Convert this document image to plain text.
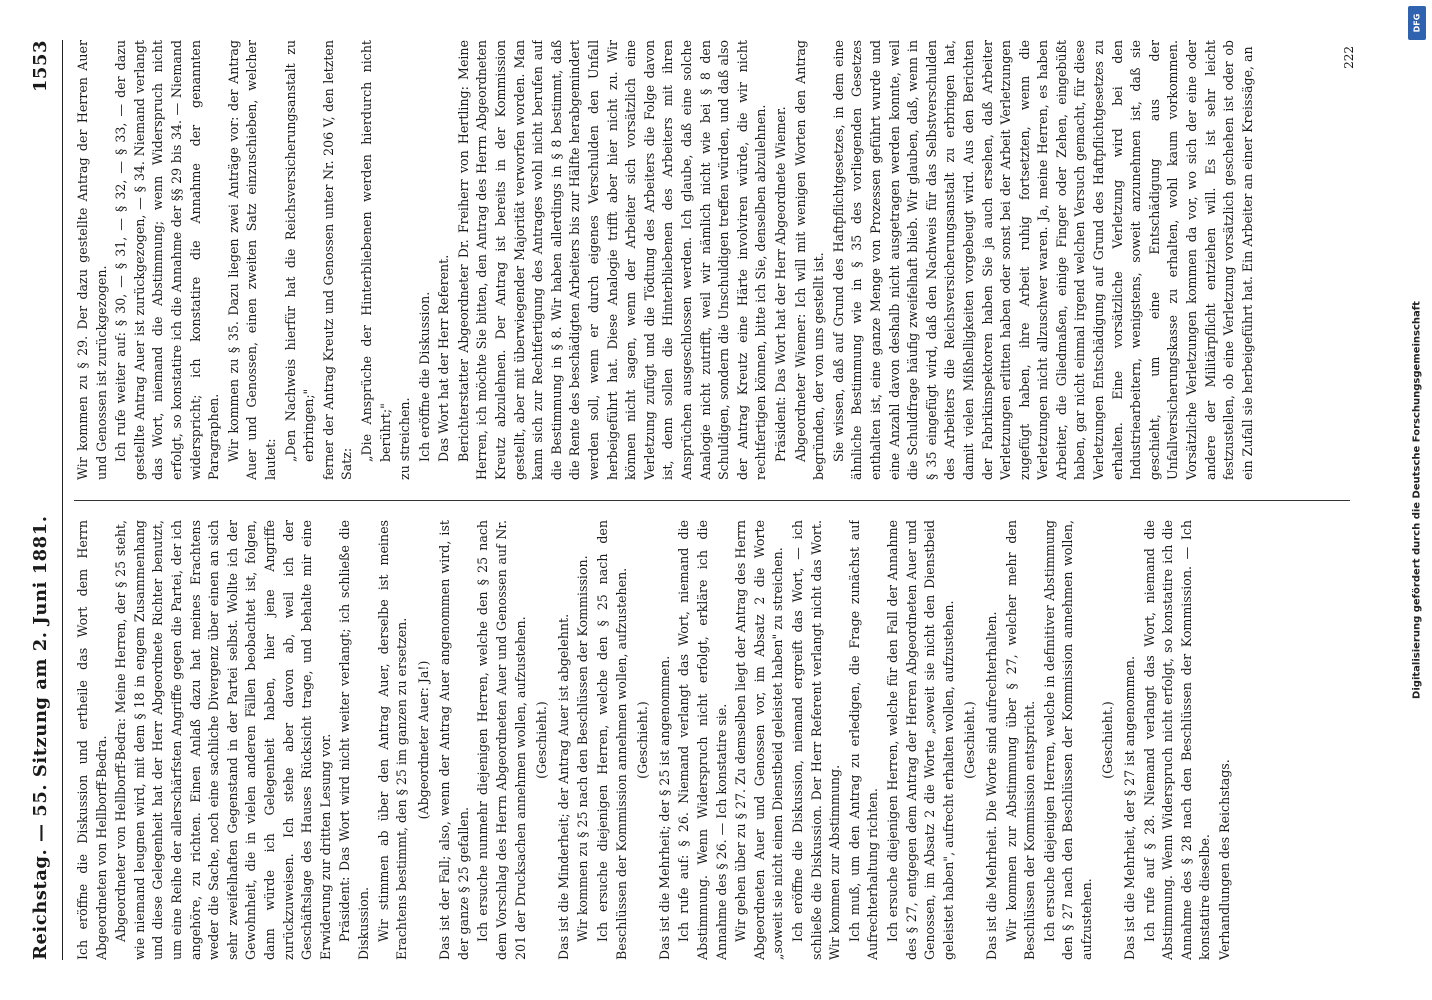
Reichstag. — 55. Sitzung am 2. Juni 1881.
1553

Ich eröffne die Diskussion und ertheile das Wort dem Herrn Abgeordneten von Hellborff-Bedra. Abgeordneter von Hellborff-Bedra: Meine Herren, der § 25 steht, wie niemand leugnen wird, mit dem § 18 in engem Zusammenhang und diese Gelegenheit hat der Herr Abgeordnete Richter benutzt, um eine Reihe der allerschärfsten Angriffe gegen die Partei, der ich angehöre, zu richten. Einen Anlaß dazu hat meines Erachtens weder die Sache, noch eine sachliche Divergenz über einen an sich sehr zweifelhaften Gegenstand in der Partei selbst. Wollte ich der Gewohnheit, die in vielen anderen Fällen beobachtet ist, folgen, dann würde ich Gelegenheit haben, hier jene Angriffe zurückzuweisen. Ich stehe aber davon ab, weil ich der Geschäftslage des Hauses Rücksicht trage, und behalte mir eine Erwiderung zur dritten Lesung vor. Präsident: Das Wort wird nicht weiter verlangt; ich schließe die Diskussion. Wir stimmen ab über den Antrag Auer, derselbe ist meines Erachtens bestimmt, den § 25 im ganzen zu ersetzen. (Abgeordneter Auer: Ja!) Das ist der Fall; also, wenn der Antrag Auer angenommen wird, ist der ganze § 25 gefallen. Ich ersuche nunmehr diejenigen Herren, welche den § 25 nach dem Vorschlag des Herrn Abgeordneten Auer und Genossen auf Nr. 201 der Drucksachen annehmen wollen, aufzustehen. (Geschieht.) Das ist die Minderheit; der Antrag Auer ist abgelehnt. Wir kommen zu § 25 nach den Beschlüssen der Kommission. Ich ersuche diejenigen Herren, welche den § 25 nach den Beschlüssen der Kommission annehmen wollen, aufzustehen. (Geschieht.) Das ist die Mehrheit; der § 25 ist angenommen. Ich rufe auf: § 26. Niemand verlangt das Wort, niemand die Abstimmung. Wenn Widerspruch nicht erfolgt, erkläre ich die Annahme des § 26. — Ich konstatire sie. Wir gehen über zu § 27. Zu demselben liegt der Antrag des Herrn Abgeordneten Auer und Genossen vor, im Absatz 2 die Worte „soweit sie nicht einen Dienstbeid geleistet haben" zu streichen. Ich eröffne die Diskussion, niemand ergreift das Wort, — ich schließe die Diskussion. Der Herr Referent verlangt nicht das Wort. Wir kommen zur Abstimmung. Ich muß, um den Antrag zu erledigen, die Frage zunächst auf Aufrechterhaltung richten. Ich ersuche diejenigen Herren, welche für den Fall der Annahme des § 27, entgegen dem Antrag der Herren Abgeordneten Auer und Genossen, im Absatz 2 die Worte „soweit sie nicht den Dienstbeid geleistet haben", aufrecht erhalten wollen, aufzustehen. (Geschieht.) Das ist die Mehrheit. Die Worte sind aufrechterhalten. Wir kommen zur Abstimmung über § 27, welcher mehr den Beschlüssen der Kommission entspricht. Ich ersuche diejenigen Herren, welche in definitiver Abstimmung den § 27 nach den Beschlüssen der Kommission annehmen wollen, aufzustehen.

(Geschieht.) Das ist die Mehrheit, der § 27 ist angenommen. Ich rufe auf § 28. Niemand verlangt das Wort, niemand die Abstimmung. Wenn Widerspruch nicht erfolgt, so konstatire ich die Annahme des § 28 nach den Beschlüssen der Kommission. — Ich konstatire dieselbe. Verhandlungen des Reichstags.

Wir kommen zu § 29. Der dazu gestellte Antrag der Herren Auer und Genossen ist zurückgezogen. Ich rufe weiter auf: § 30, — § 31, — § 32, — § 33, — der dazu gestellte Antrag Auer ist zurückgezogen, — § 34. Niemand verlangt das Wort, niemand die Abstimmung; wenn Widerspruch nicht erfolgt, so konstatire ich die Annahme der §§ 29 bis 34. — Niemand widerspricht; ich konstatire die Annahme der genannten Paragraphen. Wir kommen zu § 35. Dazu liegen zwei Anträge vor: der Antrag Auer und Genossen, einen zweiten Satz einzuschieben, welcher lautet: „Den Nachweis hierfür hat die Reichsversicherungsanstalt zu erbringen;" ferner der Antrag Kreutz und Genossen unter Nr. 206 V, den letzten Satz:

„Die Ansprüche der Hinterbliebenen werden hierdurch nicht berührt;" zu streichen. Ich eröffne die Diskussion. Das Wort hat der Herr Referent. Berichterstatter Abgeordneter Dr. Freiherr von Hertling: Meine Herren, ich möchte Sie bitten, den Antrag des Herrn Abgeordneten Kreutz abzulehnen. Der Antrag ist bereits in der Kommission gestellt, aber mit überwiegender Majorität verworfen worden. Man kann sich zur Rechtfertigung des Antrages wohl nicht berufen auf die Bestimmung in § 8. Wir haben allerdings in § 8 bestimmt, daß die Rente des beschädigten Arbeiters bis zur Hälfte herabgemindert werden soll, wenn er durch eigenes Verschulden den Unfall herbeigeführt hat. Diese Analogie trifft aber hier nicht zu. Wir können nicht sagen, wenn der Arbeiter sich vorsätzlich eine Verletzung zufügt und die Tödtung des Arbeiters die Folge davon ist, denn sollen die Hinterbliebenen des Arbeiters mit ihren Ansprüchen ausgeschlossen werden. Ich glaube, daß eine solche Analogie nicht zutrifft, weil wir nämlich nicht wie bei § 8 den Schuldigen, sondern die Unschuldigen treffen würden, und daß also der Antrag Kreutz eine Härte involviren würde, die wir nicht rechtfertigen können, bitte ich Sie, denselben abzulehnen. Präsident: Das Wort hat der Herr Abgeordnete Wiemer. Abgeordneter Wiemer: Ich will mit wenigen Worten den Antrag begründen, der von uns gestellt ist. Sie wissen, daß auf Grund des Haftpflichtgesetzes, in dem eine ähnliche Bestimmung wie in § 35 des vorliegenden Gesetzes enthalten ist, eine ganze Menge von Prozessen geführt wurde und eine Anzahl davon deshalb nicht ausgetragen werden konnte, weil die Schuldfrage häufig zweifelhaft blieb. Wir glauben, daß, wenn in § 35 eingefügt wird, daß den Nachweis für das Selbstverschulden des Arbeiters die Reichsversicherungsanstalt zu erbringen hat, damit vielen Mißhelligkeiten vorgebeugt wird. Aus den Berichten der Fabrikinspektoren haben Sie ja auch ersehen, daß Arbeiter Verletzungen erlitten haben oder sonst bei der Arbeit Verletzungen zugefügt haben, ihre Arbeit ruhig fortsetzten, wenn die Verletzungen nicht allzuschwer waren. Ja, meine Herren, es haben Arbeiter, die Gliedmaßen, einige Finger oder Zehen, eingebüßt haben, gar nicht einmal irgend welchen Versuch gemacht, für diese Verletzungen Entschädigung auf Grund des Haftpflichtgesetzes zu erhalten. Eine vorsätzliche Verletzung wird bei den Industriearbeitern, wenigstens, soweit anzunehmen ist, daß sie geschieht, um eine Entschädigung aus der Unfallversicherungskasse zu erhalten, wohl kaum vorkommen. Vorsätzliche Verletzungen kommen da vor, wo sich der eine oder andere der Militärpflicht entziehen will. Es ist sehr leicht festzustellen, ob eine Verletzung vorsätzlich geschehen ist oder ob ein Zufall sie herbeigeführt hat. Ein Arbeiter an einer Kreissäge, an	222
DFG
Digitalisierung gefördert durch die Deutsche Forschungsgemeinschaft
